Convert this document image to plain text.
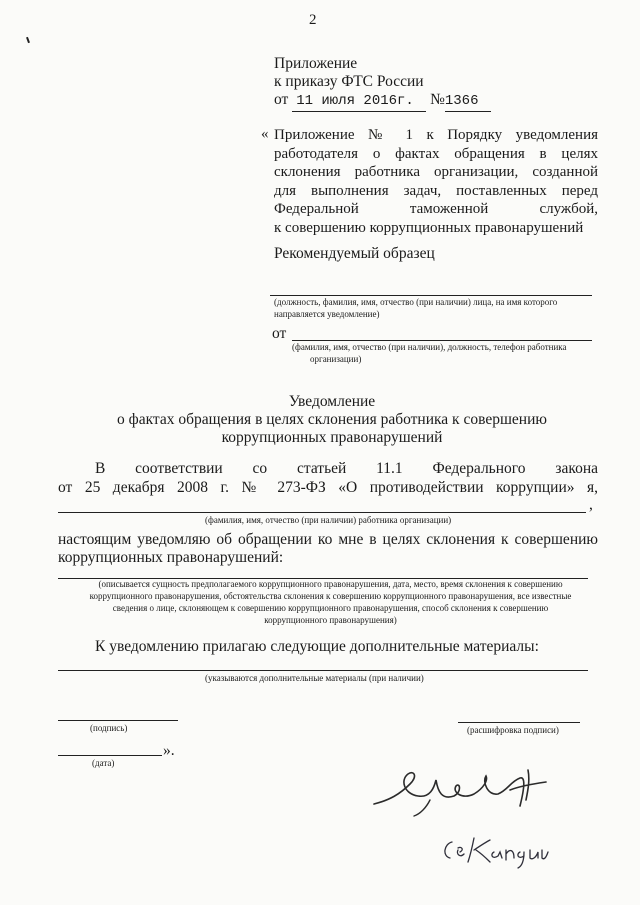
2
Приложение
к приказу ФТС России
от 11 июля 2016г. №1366
« Приложение № 1 к Порядку уведомления
работодателя о фактах обращения в целях
склонения работника организации, созданной
для выполнения задач, поставленных перед
Федеральной таможенной службой,
к совершению коррупционных правонарушений
Рекомендуемый образец
(должность, фамилия, имя, отчество (при наличии) лица, на имя которого
направляется уведомление)
от
(фамилия, имя, отчество (при наличии), должность, телефон работника
организации)
Уведомление
о фактах обращения в целях склонения работника к совершению
коррупционных правонарушений
В соответствии со статьей 11.1 Федерального закона
от 25 декабря 2008 г. № 273-ФЗ «О противодействии коррупции» я,
,
(фамилия, имя, отчество (при наличии) работника организации)
настоящим уведомляю об обращении ко мне в целях склонения к совершению
коррупционных правонарушений:
(описывается сущность предполагаемого коррупционного правонарушения, дата, место, время склонения к совершению
коррупционного правонарушения, обстоятельства склонения к совершению коррупционного правонарушения, все известные
сведения о лице, склоняющем к совершению коррупционного правонарушения, способ склонения к совершению
коррупционного правонарушения)
К уведомлению прилагаю следующие дополнительные материалы:
(указываются дополнительные материалы (при наличии)
(подпись)	(расшифровка подписи)
».
(дата)
